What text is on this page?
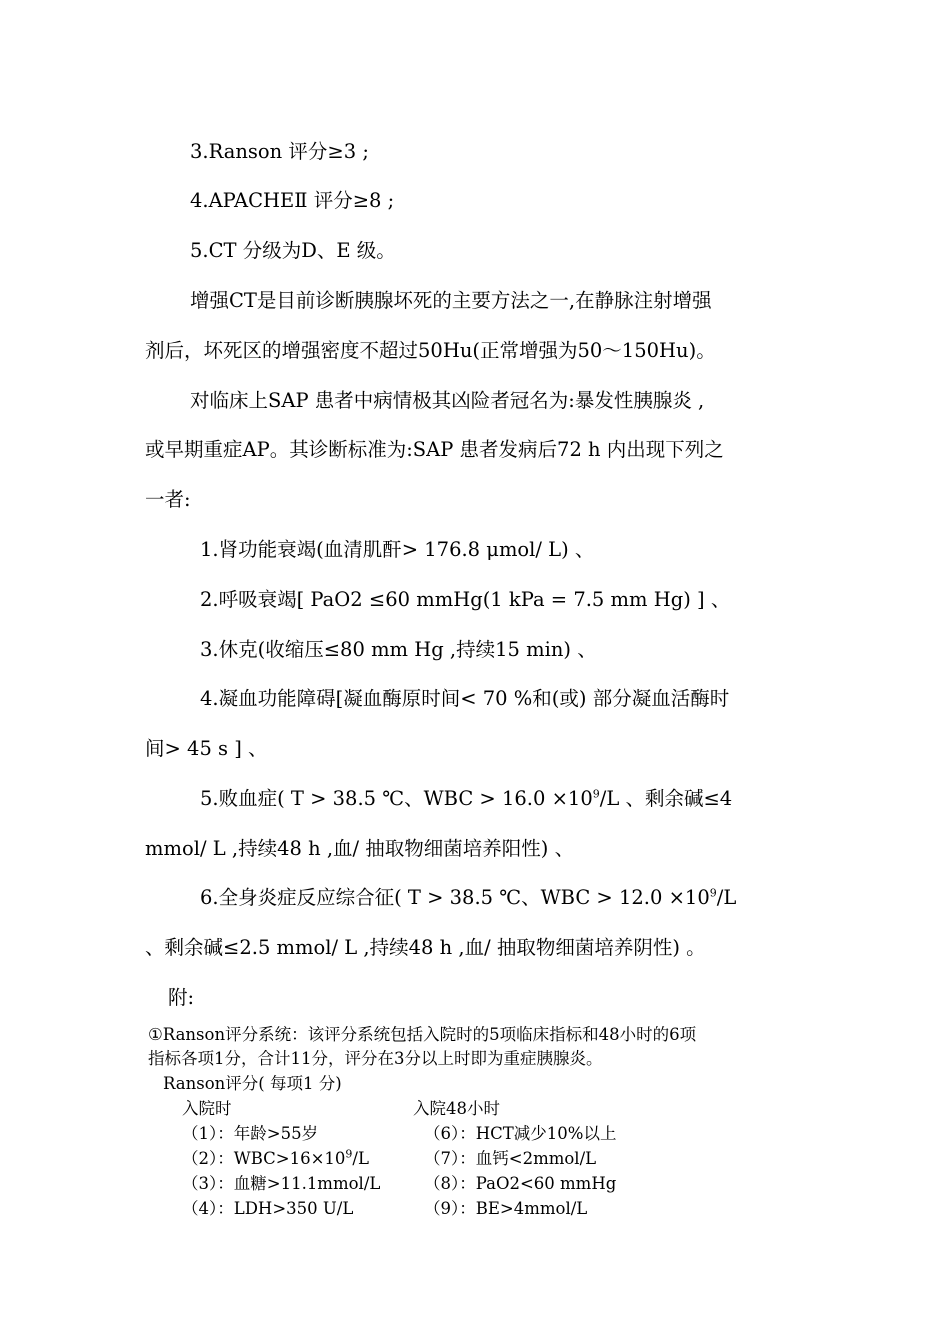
3.Ranson 评分≥3 ;
4.APACHEⅡ 评分≥8 ;
5.CT 分级为D、E 级。
增强CT是目前诊断胰腺坏死的主要方法之一,在静脉注射增强
剂后，坏死区的增强密度不超过50Hu(正常增强为50～150Hu)。
对临床上SAP 患者中病情极其凶险者冠名为:暴发性胰腺炎 ,
或早期重症AP。其诊断标准为:SAP 患者发病后72 h 内出现下列之
一者:
1.肾功能衰竭(血清肌酐> 176.8 μmol/ L) 、
2.呼吸衰竭[ PaO2 ≤60 mmHg(1 kPa = 7.5 mm Hg) ] 、
3.休克(收缩压≤80 mm Hg ,持续15 min) 、
4.凝血功能障碍[凝血酶原时间< 70 %和(或) 部分凝血活酶时
间> 45 s ] 、
5.败血症( T > 38.5 ℃、WBC > $16.0 \times 10^9/L$ 、剩余碱≤4
mmol/ L ,持续48 h ,血/ 抽取物细菌培养阳性) 、
6.全身炎症反应综合征( T > 38.5 ℃、WBC > $12.0 \times 10^9/L$
、剩余碱≤2.5 mmol/ L ,持续48 h ,血/ 抽取物细菌培养阴性) 。
附:
①Ranson评分系统：该评分系统包括入院时的5项临床指标和48小时的6项
指标各项1分，合计11分，评分在3分以上时即为重症胰腺炎。
Ranson评分( 每项1 分)
入院时	入院48小时
（1）：年龄>55岁
（2）：$WBC>16\times 10^9/L$
（3）：血糖>11.1mmol/L
（4）：LDH>350 U/L
（6）：HCT减少10%以上
（7）：血钙<2mmol/L
（8）：PaO2<60 mmHg
（9）：BE>4mmol/L
